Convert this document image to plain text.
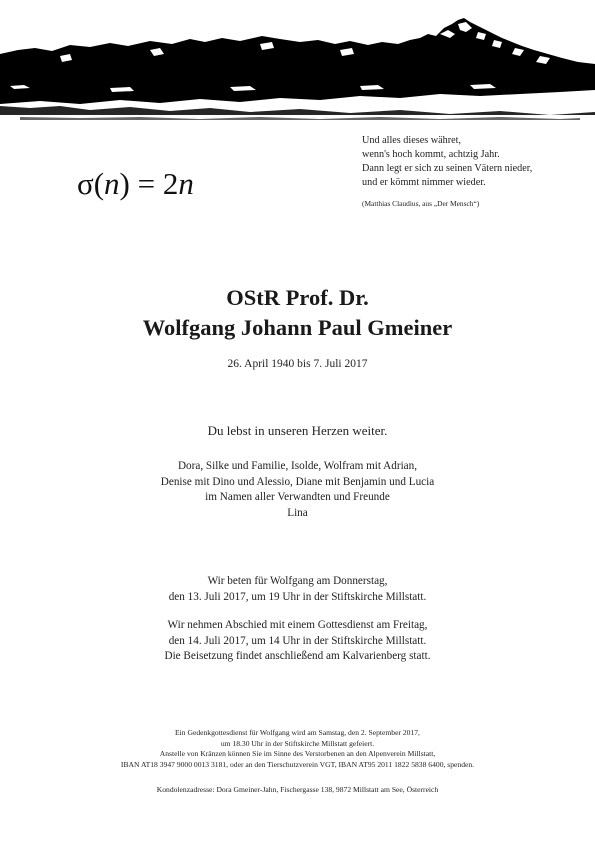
σ(n) = 2n
Und alles dieses währet,
wenn's hoch kommt, achtzig Jahr.
Dann legt er sich zu seinen Vätern nieder,
und er kömmt nimmer wieder.
(Matthias Claudius, aus „Der Mensch“)
OStR Prof. Dr.
Wolfgang Johann Paul Gmeiner
26. April 1940 bis 7. Juli 2017
Du lebst in unseren Herzen weiter.
Dora, Silke und Familie, Isolde, Wolfram mit Adrian,
Denise mit Dino und Alessio, Diane mit Benjamin und Lucia
im Namen aller Verwandten und Freunde
Lina
Wir beten für Wolfgang am Donnerstag,
den 13. Juli 2017, um 19 Uhr in der Stiftskirche Millstatt.
Wir nehmen Abschied mit einem Gottesdienst am Freitag,
den 14. Juli 2017, um 14 Uhr in der Stiftskirche Millstatt.
Die Beisetzung findet anschließend am Kalvarienberg statt.
Ein Gedenkgottesdienst für Wolfgang wird am Samstag, den 2. September 2017,
um 18.30 Uhr in der Stiftskirche Millstatt gefeiert.
Anstelle von Kränzen können Sie im Sinne des Verstorbenen an den Alpenverein Millstatt,
IBAN AT18 3947 9000 0013 3181, oder an den Tierschutzverein VGT, IBAN AT95 2011 1822 5838 6400, spenden.
Kondolenzadresse: Dora Gmeiner-Jahn, Fischergasse 138, 9872 Millstatt am See, Österreich
